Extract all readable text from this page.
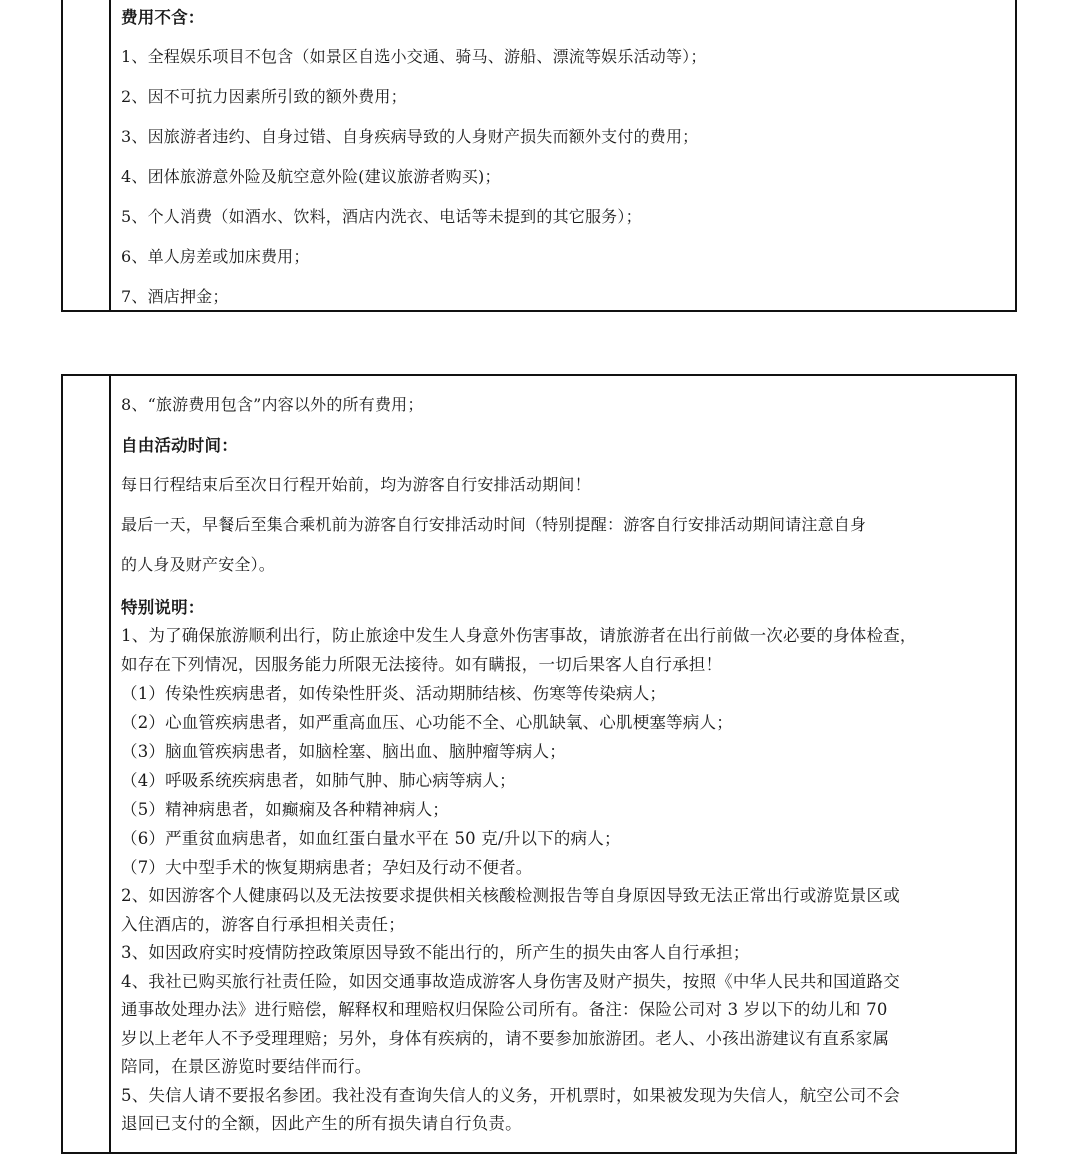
费用不含：
1、全程娱乐项目不包含（如景区自选小交通、骑马、游船、漂流等娱乐活动等）；
2、因不可抗力因素所引致的额外费用；
3、因旅游者违约、自身过错、自身疾病导致的人身财产损失而额外支付的费用；
4、团体旅游意外险及航空意外险(建议旅游者购买)；
5、个人消费（如酒水、饮料，酒店内洗衣、电话等未提到的其它服务）；
6、单人房差或加床费用；
7、酒店押金；
8、“旅游费用包含”内容以外的所有费用；
自由活动时间：
每日行程结束后至次日行程开始前，均为游客自行安排活动期间！
最后一天，早餐后至集合乘机前为游客自行安排活动时间（特别提醒：游客自行安排活动期间请注意自身
的人身及财产安全）。
特别说明：
1、为了确保旅游顺利出行，防止旅途中发生人身意外伤害事故，请旅游者在出行前做一次必要的身体检查，
如存在下列情况，因服务能力所限无法接待。如有瞒报，一切后果客人自行承担！
（1）传染性疾病患者，如传染性肝炎、活动期肺结核、伤寒等传染病人；
（2）心血管疾病患者，如严重高血压、心功能不全、心肌缺氧、心肌梗塞等病人；
（3）脑血管疾病患者，如脑栓塞、脑出血、脑肿瘤等病人；
（4）呼吸系统疾病患者，如肺气肿、肺心病等病人；
（5）精神病患者，如癫痫及各种精神病人；
（6）严重贫血病患者，如血红蛋白量水平在 50 克/升以下的病人；
（7）大中型手术的恢复期病患者；孕妇及行动不便者。
2、如因游客个人健康码以及无法按要求提供相关核酸检测报告等自身原因导致无法正常出行或游览景区或
入住酒店的，游客自行承担相关责任；
3、如因政府实时疫情防控政策原因导致不能出行的，所产生的损失由客人自行承担；
4、我社已购买旅行社责任险，如因交通事故造成游客人身伤害及财产损失，按照《中华人民共和国道路交
通事故处理办法》进行赔偿，解释权和理赔权归保险公司所有。备注：保险公司对 3 岁以下的幼儿和 70
岁以上老年人不予受理理赔；另外，身体有疾病的，请不要参加旅游团。老人、小孩出游建议有直系家属
陪同，在景区游览时要结伴而行。
5、失信人请不要报名参团。我社没有查询失信人的义务，开机票时，如果被发现为失信人，航空公司不会
退回已支付的全额，因此产生的所有损失请自行负责。
